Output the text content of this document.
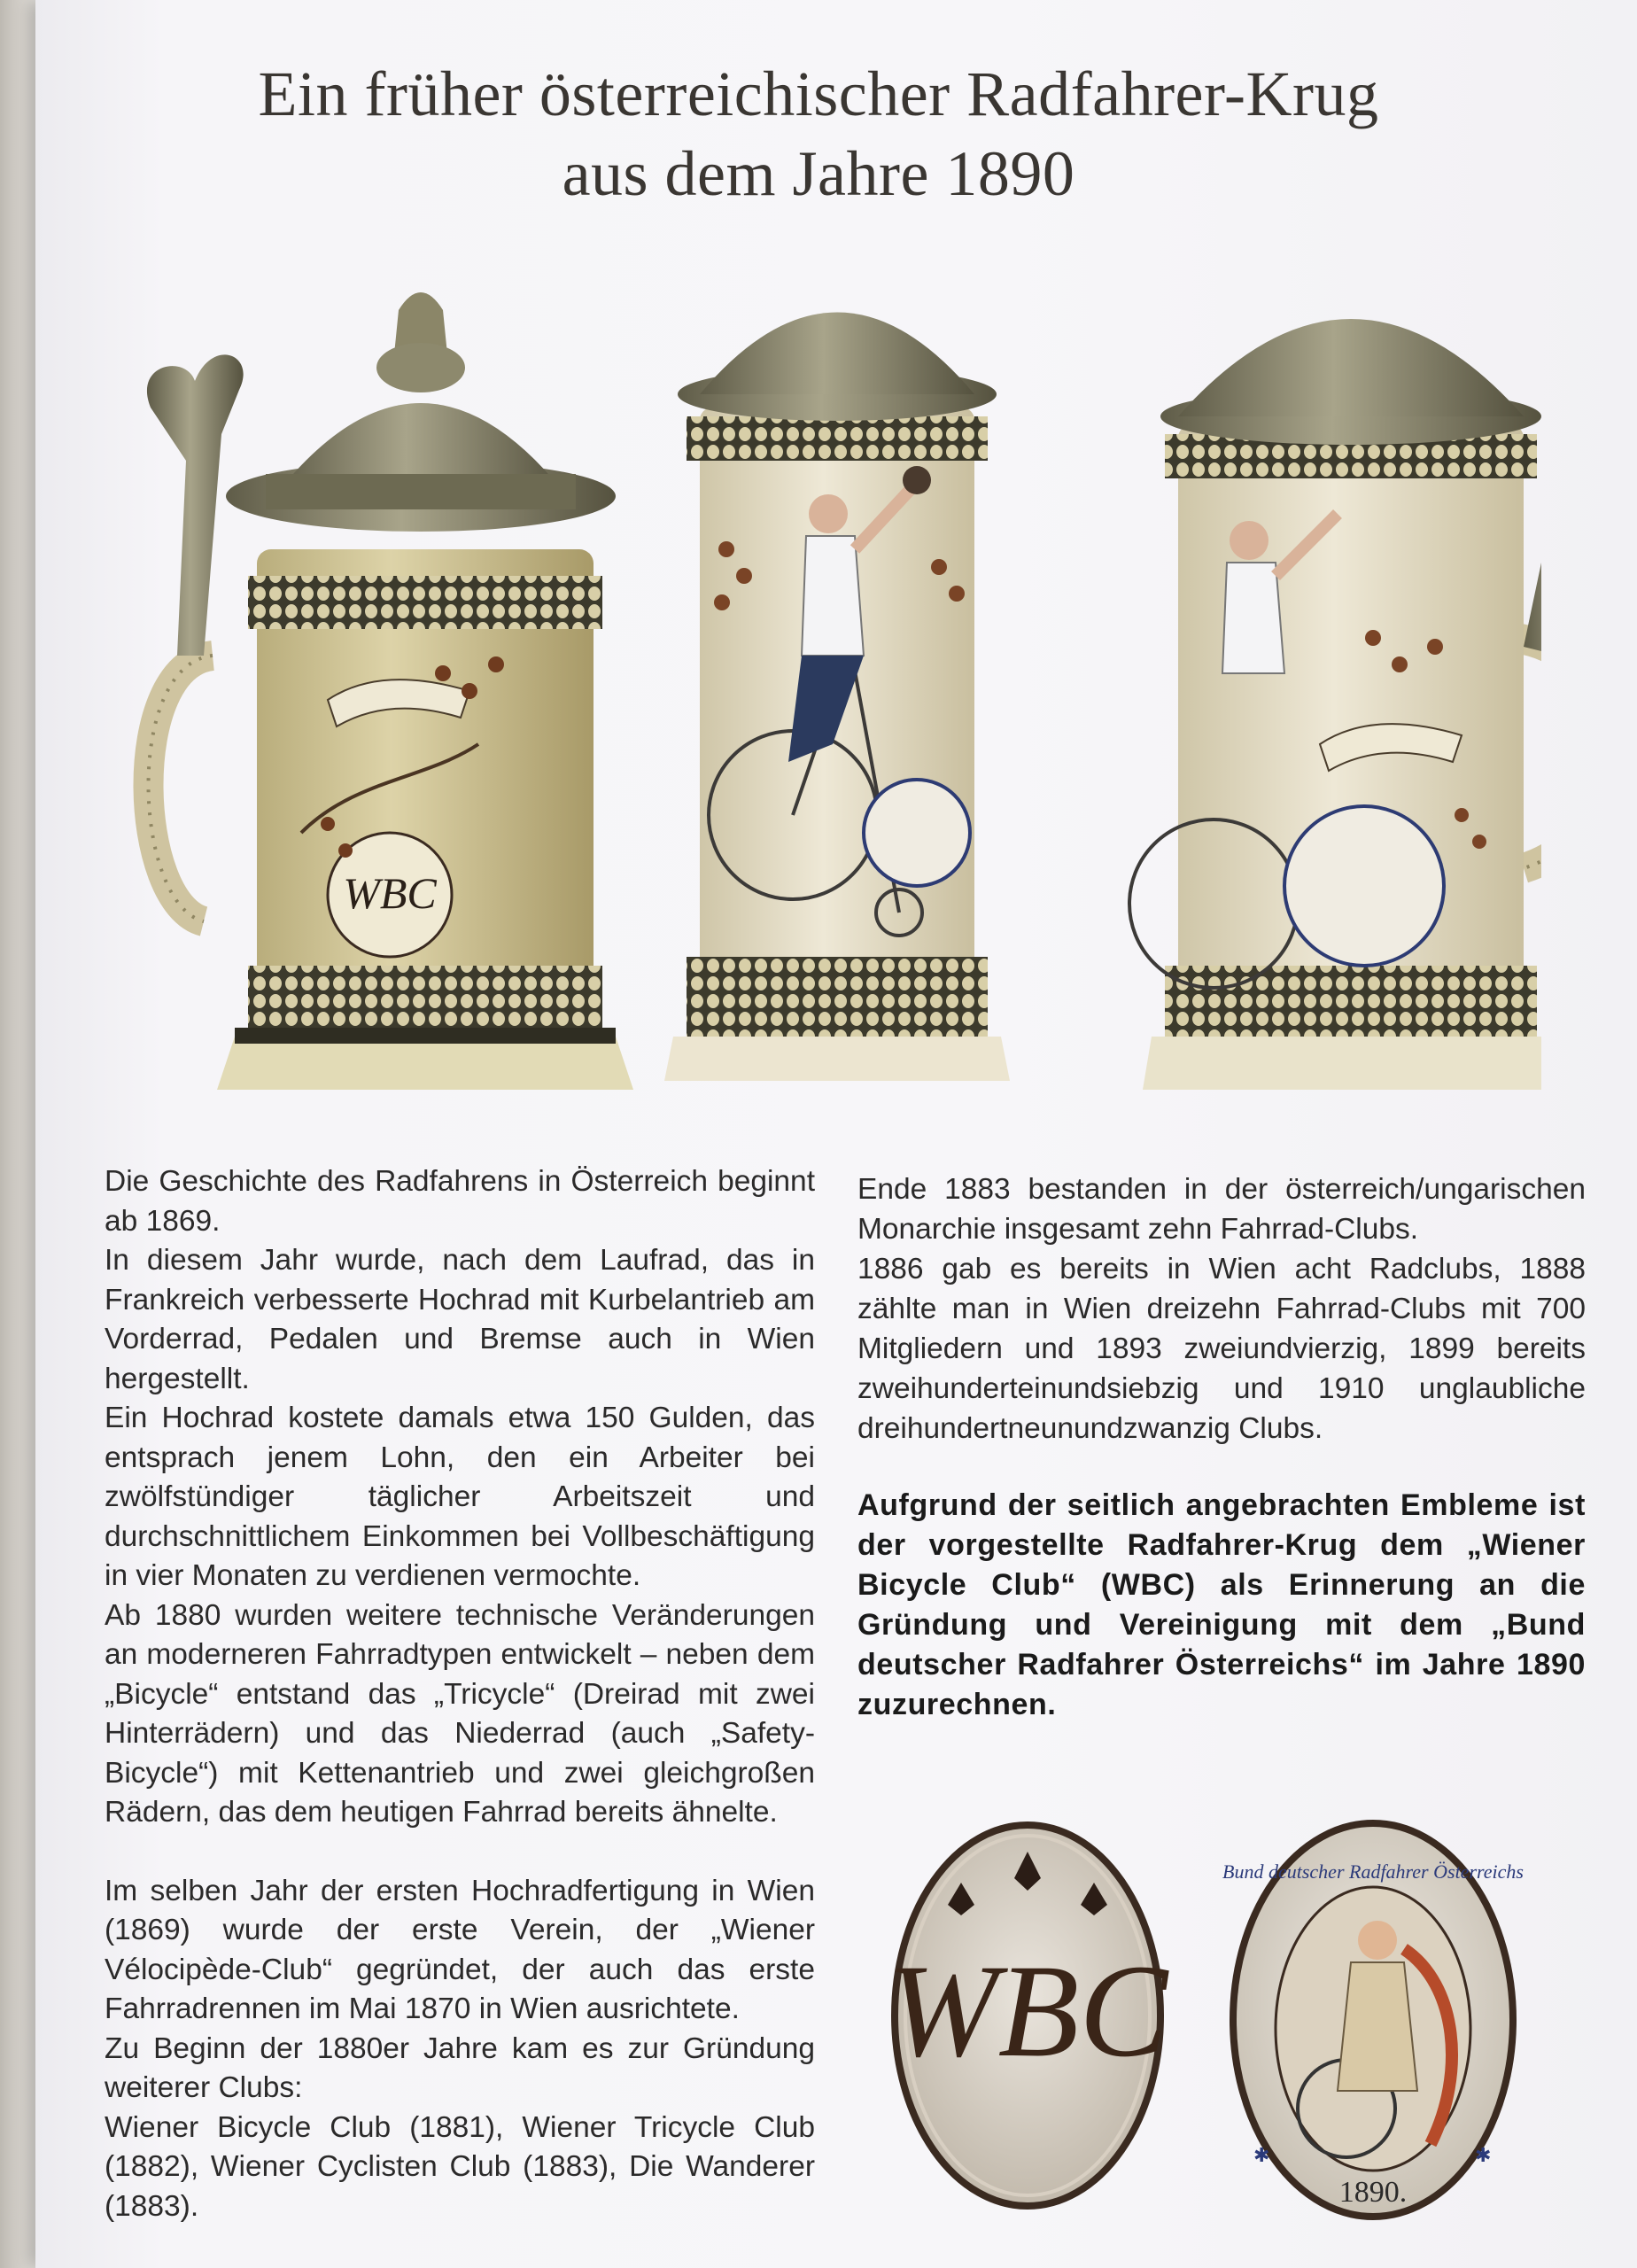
Ein früher österreichischer Radfahrer-Krug
aus dem Jahre 1890
WBC

Die Geschichte des Radfahrens in Österreich beginnt ab 1869.

In diesem Jahr wurde, nach dem Laufrad, das in Frankreich verbesserte Hochrad mit Kurbelantrieb am Vorderrad, Pedalen und Bremse auch in Wien hergestellt.

Ein Hochrad kostete damals etwa 150 Gulden, das entsprach jenem Lohn, den ein Arbeiter bei zwölfstündiger täglicher Arbeitszeit und durchschnittlichem Einkommen bei Vollbeschäftigung in vier Monaten zu verdienen vermochte.

Ab 1880 wurden weitere technische Veränderungen an moderneren Fahrradtypen entwickelt – neben dem „Bicycle“ entstand das „Tricycle“ (Dreirad mit zwei Hinterrädern) und das Niederrad (auch „Safety-Bicycle“) mit Kettenantrieb und zwei gleichgroßen Rädern, das dem heutigen Fahrrad bereits ähnelte.

Im selben Jahr der ersten Hochradfertigung in Wien (1869) wurde der erste Verein, der „Wiener Vélocipède-Club“ gegründet, der auch das erste Fahrradrennen im Mai 1870 in Wien ausrichtete.

Zu Beginn der 1880er Jahre kam es zur Gründung weiterer Clubs:

Wiener Bicycle Club (1881), Wiener Tricycle Club (1882), Wiener Cyclisten Club (1883), Die Wanderer (1883).

Ende 1883 bestanden in der österreich/ungarischen Monarchie insgesamt zehn Fahrrad-Clubs.

1886 gab es bereits in Wien acht Radclubs, 1888 zählte man in Wien dreizehn Fahrrad-Clubs mit 700 Mitgliedern und 1893 zweiundvierzig, 1899 bereits zweihunderteinundsiebzig und 1910 unglaubliche dreihundertneunundzwanzig Clubs.

Aufgrund der seitlich angebrachten Embleme ist der vorgestellte Radfahrer-Krug dem „Wiener Bicycle Club“ (WBC) als Erinnerung an die Gründung und Vereinigung mit dem „Bund deutscher Radfahrer Österreichs“ im Jahre 1890 zuzurechnen.

WBC
Bund deutscher Radfahrer Österreichs
1890.
✱	✱
